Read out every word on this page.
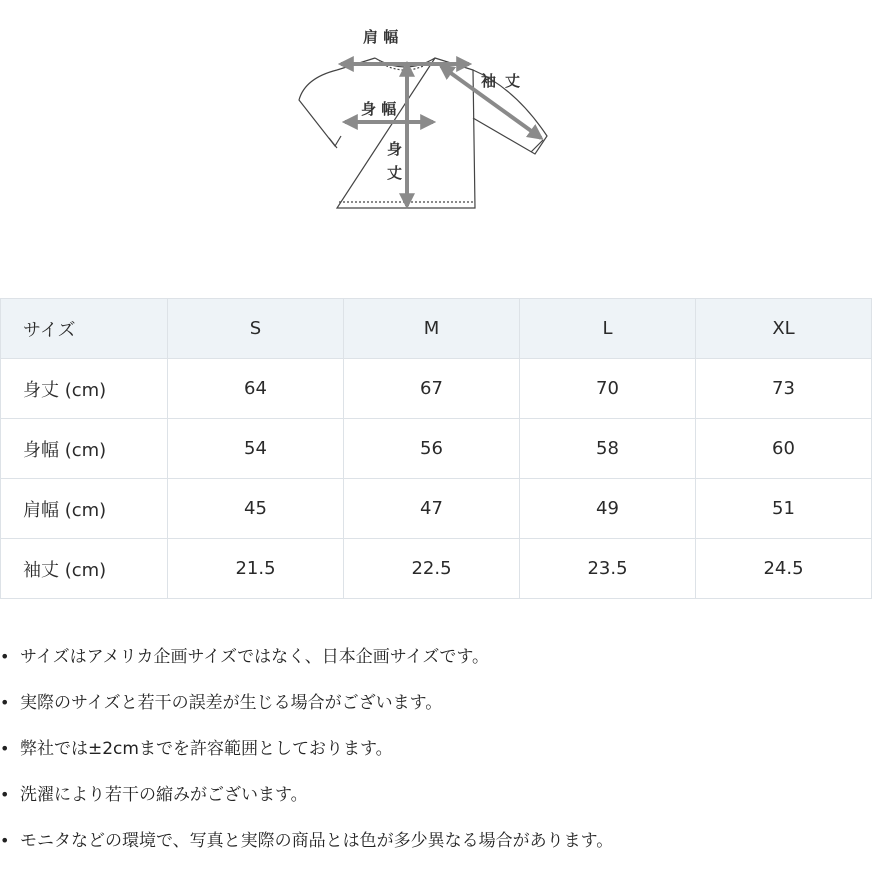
肩 幅
袖 丈
身 幅
身
丈
サイズ	S	M	L	XL
身丈 (cm)	64	67	70	73
身幅 (cm)	54	56	58	60
肩幅 (cm)	45	47	49	51
袖丈 (cm)	21.5	22.5	23.5	24.5
• サイズはアメリカ企画サイズではなく、日本企画サイズです。
• 実際のサイズと若干の誤差が生じる場合がございます。
• 弊社では±2cmまでを許容範囲としております。
• 洗濯により若干の縮みがございます。
• モニタなどの環境で、写真と実際の商品とは色が多少異なる場合があります。
